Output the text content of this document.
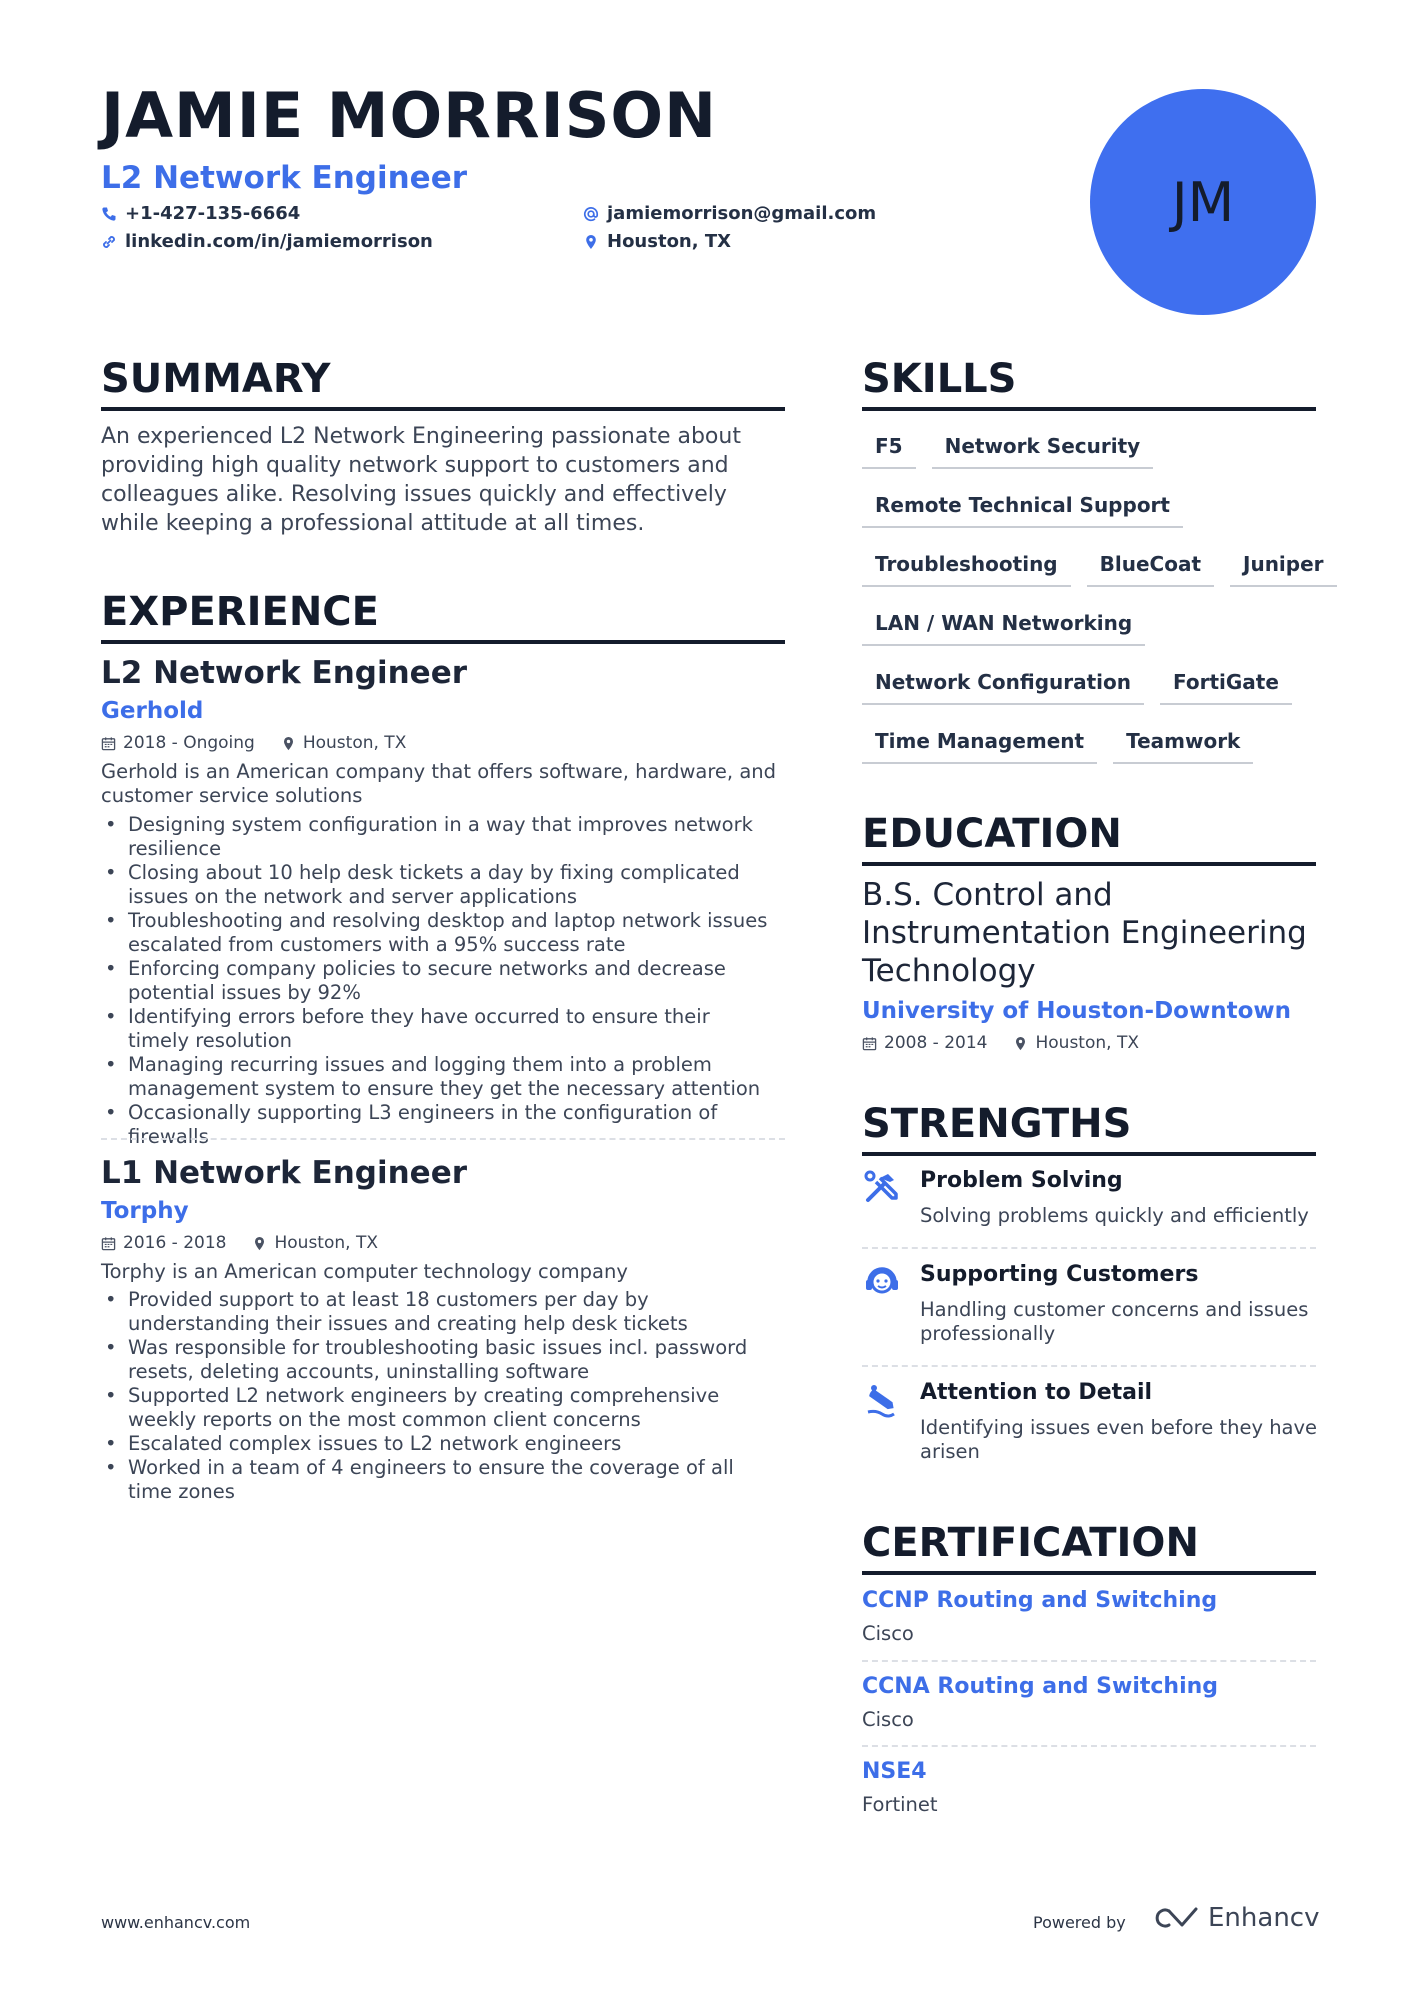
JAMIE MORRISON
L2 Network Engineer
+1-427-135-6664
linkedin.com/in/jamiemorrison
jamiemorrison@gmail.com
Houston, TX
JM
SUMMARY

An experienced L2 Network Engineering passionate about providing high quality network support to customers and colleagues alike. Resolving issues quickly and effectively while keeping a professional attitude at all times.

EXPERIENCE
L2 Network Engineer
Gerhold
2018 - Ongoing	Houston, TX

Gerhold is an American company that offers software, hardware, and customer service solutions

• Designing system configuration in a way that improves network resilience
• Closing about 10 help desk tickets a day by fixing complicated issues on the network and server applications
• Troubleshooting and resolving desktop and laptop network issues escalated from customers with a 95% success rate
• Enforcing company policies to secure networks and decrease potential issues by 92%
• Identifying errors before they have occurred to ensure their timely resolution
• Managing recurring issues and logging them into a problem management system to ensure they get the necessary attention
• Occasionally supporting L3 engineers in the configuration of firewalls
L1 Network Engineer
Torphy
2016 - 2018	Houston, TX

Torphy is an American computer technology company

• Provided support to at least 18 customers per day by understanding their issues and creating help desk tickets
• Was responsible for troubleshooting basic issues incl. password resets, deleting accounts, uninstalling software
• Supported L2 network engineers by creating comprehensive weekly reports on the most common client concerns
• Escalated complex issues to L2 network engineers
• Worked in a team of 4 engineers to ensure the coverage of all time zones
SKILLS
F5	Network Security
Remote Technical Support
Troubleshooting	BlueCoat	Juniper
LAN / WAN Networking
Network Configuration	FortiGate
Time Management	Teamwork
EDUCATION

B.S. Control and Instrumentation Engineering Technology

University of Houston-Downtown
2008 - 2014	Houston, TX
STRENGTHS
Problem Solving
Solving problems quickly and efficiently
Supporting Customers
Handling customer concerns and issues professionally
Attention to Detail
Identifying issues even before they have arisen
CERTIFICATION
CCNP Routing and Switching
Cisco
CCNA Routing and Switching
Cisco
NSE4
Fortinet
www.enhancv.com	Powered by	Enhancv
